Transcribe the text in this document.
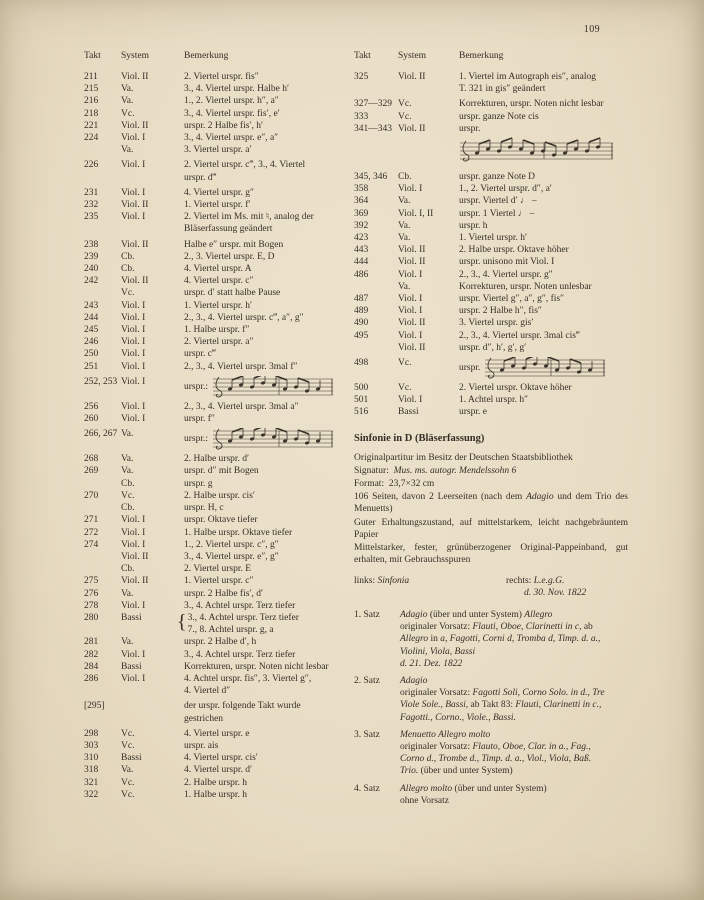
109
Takt	System	Bemerkung
211	Viol. II	2. Viertel urspr. fis″
215	Va.	3., 4. Viertel urspr. Halbe h′
216	Va.	1., 2. Viertel urspr. h″, a″
218	Vc.	3., 4. Viertel urspr. fis′, e′
221	Viol. II	urspr. 2 Halbe fis′, h′
224	Viol. I	3., 4. Viertel urspr. e″, a″
Va.	3. Viertel urspr. a′
226	Viol. I	2. Viertel urspr. c‴, 3., 4. Viertel
urspr. d‴
231	Viol. I	4. Viertel urspr. g″
232	Viol. II	1. Viertel urspr. f′
235	Viol. I	2. Viertel im Ms. mit ♮, analog der
Bläserfassung geändert
238	Viol. II	Halbe e″ urspr. mit Bogen
239	Cb.	2., 3. Viertel urspr. E, D
240	Cb.	4. Viertel urspr. A
242	Viol. II	4. Viertel urspr. c″
Vc.	urspr. d′ statt halbe Pause
243	Viol. I	1. Viertel urspr. h′
244	Viol. I	2., 3., 4. Viertel urspr. c‴, a″, g″
245	Viol. I	1. Halbe urspr. f″
246	Viol. I	2. Viertel urspr. a″
250	Viol. I	urspr. c‴
251	Viol. I	2., 3., 4. Viertel urspr. 3mal f″
252, 253 Viol. I	urspr.:
256	Viol. I	2., 3., 4. Viertel urspr. 3mal a″
260	Viol. I	urspr. f″
266, 267 Va.	urspr.:
268	Va.	2. Halbe urspr. d′
269	Va.	urspr. d″ mit Bogen
Cb.	urspr. g
270	Vc.	2. Halbe urspr. cis′
Cb.	urspr. H, c
271	Viol. I	urspr. Oktave tiefer
272	Viol. I	1. Halbe urspr. Oktave tiefer
274	Viol. I	1., 2. Viertel urspr. c″, g″
Viol. II	3., 4. Viertel urspr. e″, g″
Cb.	2. Viertel urspr. E
275	Viol. II	1. Viertel urspr. c″
276	Va.	urspr. 2 Halbe fis′, d′
278	Viol. I	3., 4. Achtel urspr. Terz tiefer
280	Bassi	{ 3., 4. Achtel urspr. Terz tiefer
7., 8. Achtel urspr. g, a
281	Va.	urspr. 2 Halbe d′, h
282	Viol. I	3., 4. Achtel urspr. Terz tiefer
284	Bassi	Korrekturen, urspr. Noten nicht lesbar
286	Viol. I	4. Achtel urspr. fis″, 3. Viertel g″,
4. Viertel d″
[295]	der urspr. folgende Takt wurde
gestrichen
298	Vc.	4. Viertel urspr. e
303	Vc.	urspr. ais
310	Bassi	4. Viertel urspr. cis′
318	Va.	4. Viertel urspr. d′
321	Vc.	2. Halbe urspr. h
322	Vc.	1. Halbe urspr. h
Takt	System	Bemerkung
325	Viol. II	1. Viertel im Autograph eis″, analog
T. 321 in gis″ geändert
327—329 Vc.	Korrekturen, urspr. Noten nicht lesbar
333	Vc.	urspr. ganze Note cis
341—343 Viol. II	urspr.
345, 346	Cb.	urspr. ganze Note D
358	Viol. I	1., 2. Viertel urspr. d″, a′
364	Va.	urspr. Viertel d′ ♩ –
369	Viol. I, II	urspr. 1 Viertel ♩ –
392	Va.	urspr. h
423	Va.	1. Viertel urspr. h′
443	Viol. II	2. Halbe urspr. Oktave höher
444	Viol. II	urspr. unisono mit Viol. I
486	Viol. I	2., 3., 4. Viertel urspr. g″
Va.	Korrekturen, urspr. Noten unlesbar
487	Viol. I	urspr. Viertel g″, a″, g″, fis″
489	Viol. I	urspr. 2 Halbe h″, fis″
490	Viol. II	3. Viertel urspr. gis′
495	Viol. I	2., 3., 4. Viertel urspr. 3mal cis‴
Viol. II	urspr. d″, h′, g′, g′
498	Vc.	urspr.
500	Vc.	2. Viertel urspr. Oktave höher
501	Viol. I	1. Achtel urspr. h″
516	Bassi	urspr. e
Sinfonie in D (Bläserfassung)
Originalpartitur im Besitz der Deutschen Staatsbibliothek
Signatur:  Mus. ms. autogr. Mendelssohn 6
Format:  23,7×32 cm
106 Seiten, davon 2 Leerseiten (nach dem Adagio und dem Trio des Menuetts)
Guter Erhaltungszustand, auf mittelstarkem, leicht nachgebräuntem Papier
Mittelstarker, fester, grünüberzogener Original-Pappeinband, gut erhalten, mit Gebrauchsspuren
links: Sinfonia	rechts: L.e.g.G.
d. 30. Nov. 1822
1. Satz	Adagio (über und unter System) Allegro
originaler Vorsatz: Flauti, Oboe, Clarinetti in c, ab
Allegro in a, Fagotti, Corni d, Tromba d, Timp. d. a.,
Violini, Viola, Bassi
d. 21. Dez. 1822
2. Satz	Adagio
originaler Vorsatz: Fagotti Soli, Corno Solo. in d., Tre
Viole Sole., Bassi, ab Takt 83: Flauti, Clarinetti in c.,
Fagotti., Corno., Viole., Bassi.
3. Satz	Menuetto Allegro molto
originaler Vorsatz: Flauto, Oboe, Clar. in a., Fag.,
Corno d., Trombe d., Timp. d. a., Viol., Viola, Baß.
Trio. (über und unter System)
4. Satz	Allegro molto (über und unter System)
ohne Vorsatz
